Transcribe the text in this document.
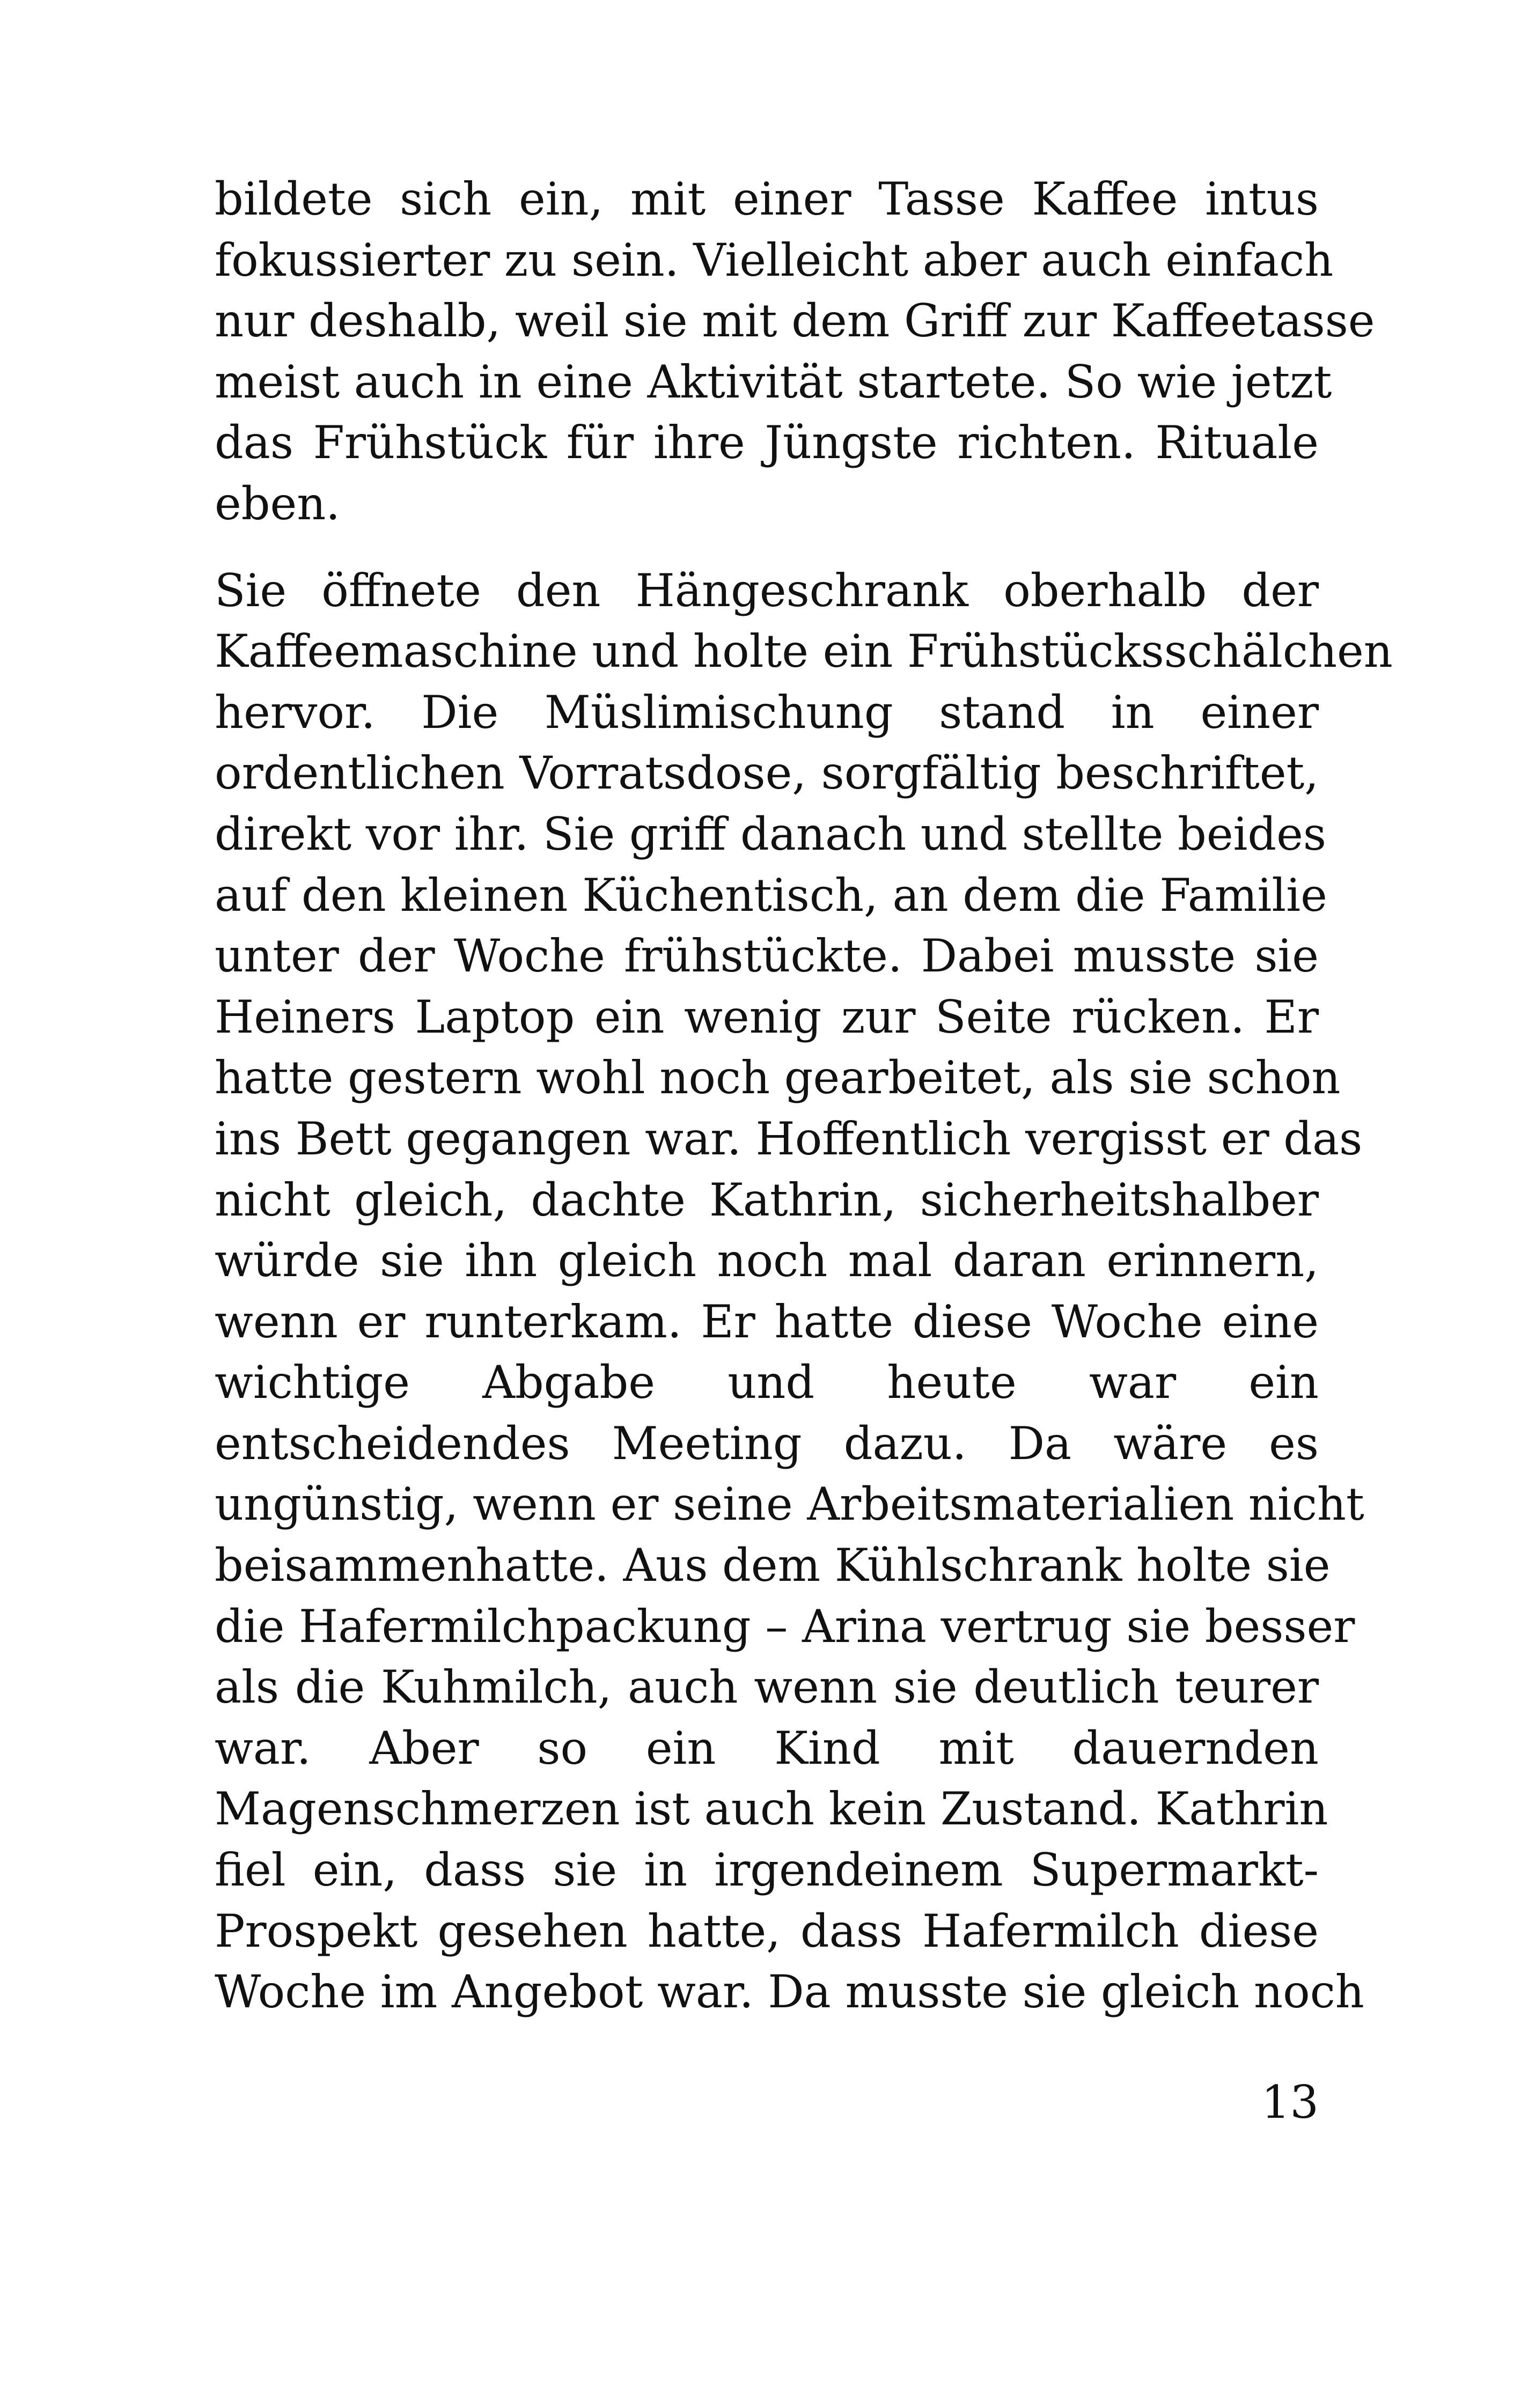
bildete sich ein, mit einer Tasse Kaffee intus
fokussierter zu sein. Vielleicht aber auch einfach
nur deshalb, weil sie mit dem Griff zur Kaffeetasse
meist auch in eine Aktivität startete. So wie jetzt
das Frühstück für ihre Jüngste richten. Rituale
eben.
Sie öffnete den Hängeschrank oberhalb der
Kaffeemaschine und holte ein Frühstücksschälchen
hervor. Die Müslimischung stand in einer
ordentlichen Vorratsdose, sorgfältig beschriftet,
direkt vor ihr. Sie griff danach und stellte beides
auf den kleinen Küchentisch, an dem die Familie
unter der Woche frühstückte. Dabei musste sie
Heiners Laptop ein wenig zur Seite rücken. Er
hatte gestern wohl noch gearbeitet, als sie schon
ins Bett gegangen war. Hoffentlich vergisst er das
nicht gleich, dachte Kathrin, sicherheitshalber
würde sie ihn gleich noch mal daran erinnern,
wenn er runterkam. Er hatte diese Woche eine
wichtige Abgabe und heute war ein
entscheidendes Meeting dazu. Da wäre es
ungünstig, wenn er seine Arbeitsmaterialien nicht
beisammenhatte. Aus dem Kühlschrank holte sie
die Hafermilchpackung – Arina vertrug sie besser
als die Kuhmilch, auch wenn sie deutlich teurer
war. Aber so ein Kind mit dauernden
Magenschmerzen ist auch kein Zustand. Kathrin
fiel ein, dass sie in irgendeinem Supermarkt-
Prospekt gesehen hatte, dass Hafermilch diese
Woche im Angebot war. Da musste sie gleich noch
13
